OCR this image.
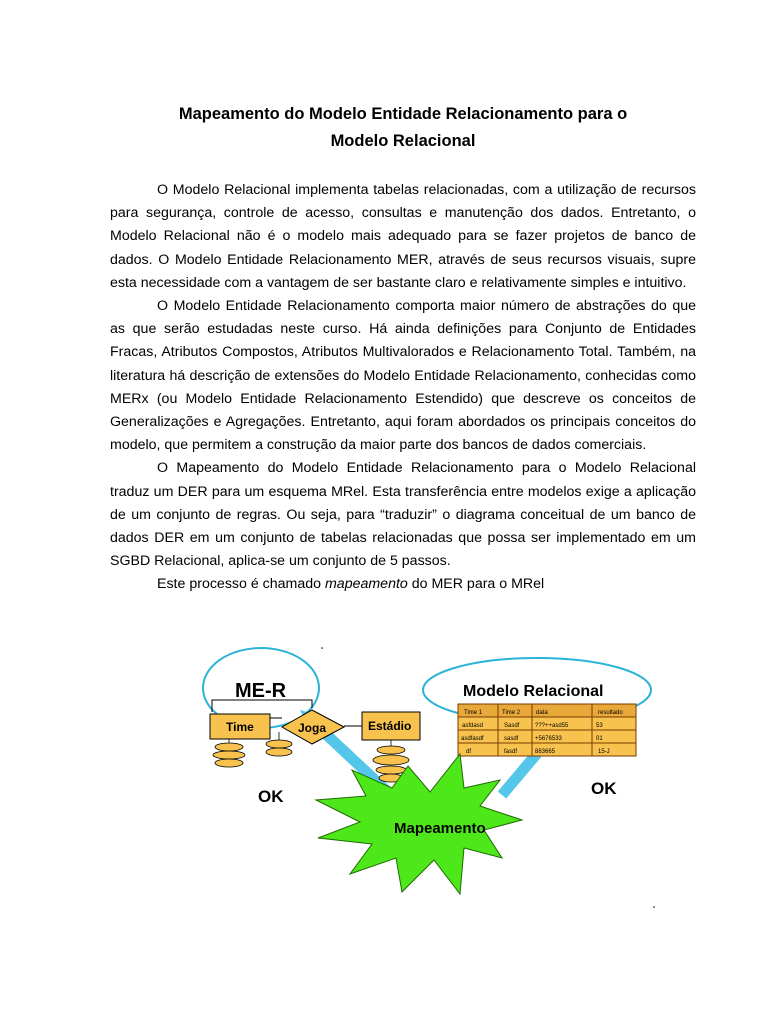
Mapeamento do Modelo Entidade Relacionamento para o
Modelo Relacional

O Modelo Relacional implementa tabelas relacionadas, com a utilização de recursos para segurança, controle de acesso, consultas e manutenção dos dados. Entretanto, o Modelo Relacional não é o modelo mais adequado para se fazer projetos de banco de dados. O Modelo Entidade Relacionamento MER, através de seus recursos visuais, supre esta necessidade com a vantagem de ser bastante claro e relativamente simples e intuitivo.

O Modelo Entidade Relacionamento comporta maior número de abstrações do que as que serão estudadas neste curso. Há ainda definições para Conjunto de Entidades Fracas, Atributos Compostos, Atributos Multivalorados e Relacionamento Total. Também, na literatura há descrição de extensões do Modelo Entidade Relacionamento, conhecidas como MERx (ou Modelo Entidade Relacionamento Estendido) que descreve os conceitos de Generalizações e Agregações. Entretanto, aqui foram abordados os principais conceitos do modelo, que permitem a construção da maior parte dos bancos de dados comerciais.

O Mapeamento do Modelo Entidade Relacionamento para o Modelo Relacional traduz um DER para um esquema MRel. Esta transferência entre modelos exige a aplicação de um conjunto de regras. Ou seja, para “traduzir” o diagrama conceitual de um banco de dados DER em um conjunto de tabelas relacionadas que possa ser implementado em um SGBD Relacional, aplica-se um conjunto de 5 passos.

Este processo é chamado mapeamento do MER para o MRel

ME-R
Time	Joga	Estádio
Modelo Relacional
Time 1	Time 2	data	resultado
asfdasd	Sasdf	???++asd55	53
asdfasdf	sasdf	+5676533	01
df	fasdf	883665	15-J
OK	OK
Mapeamento
